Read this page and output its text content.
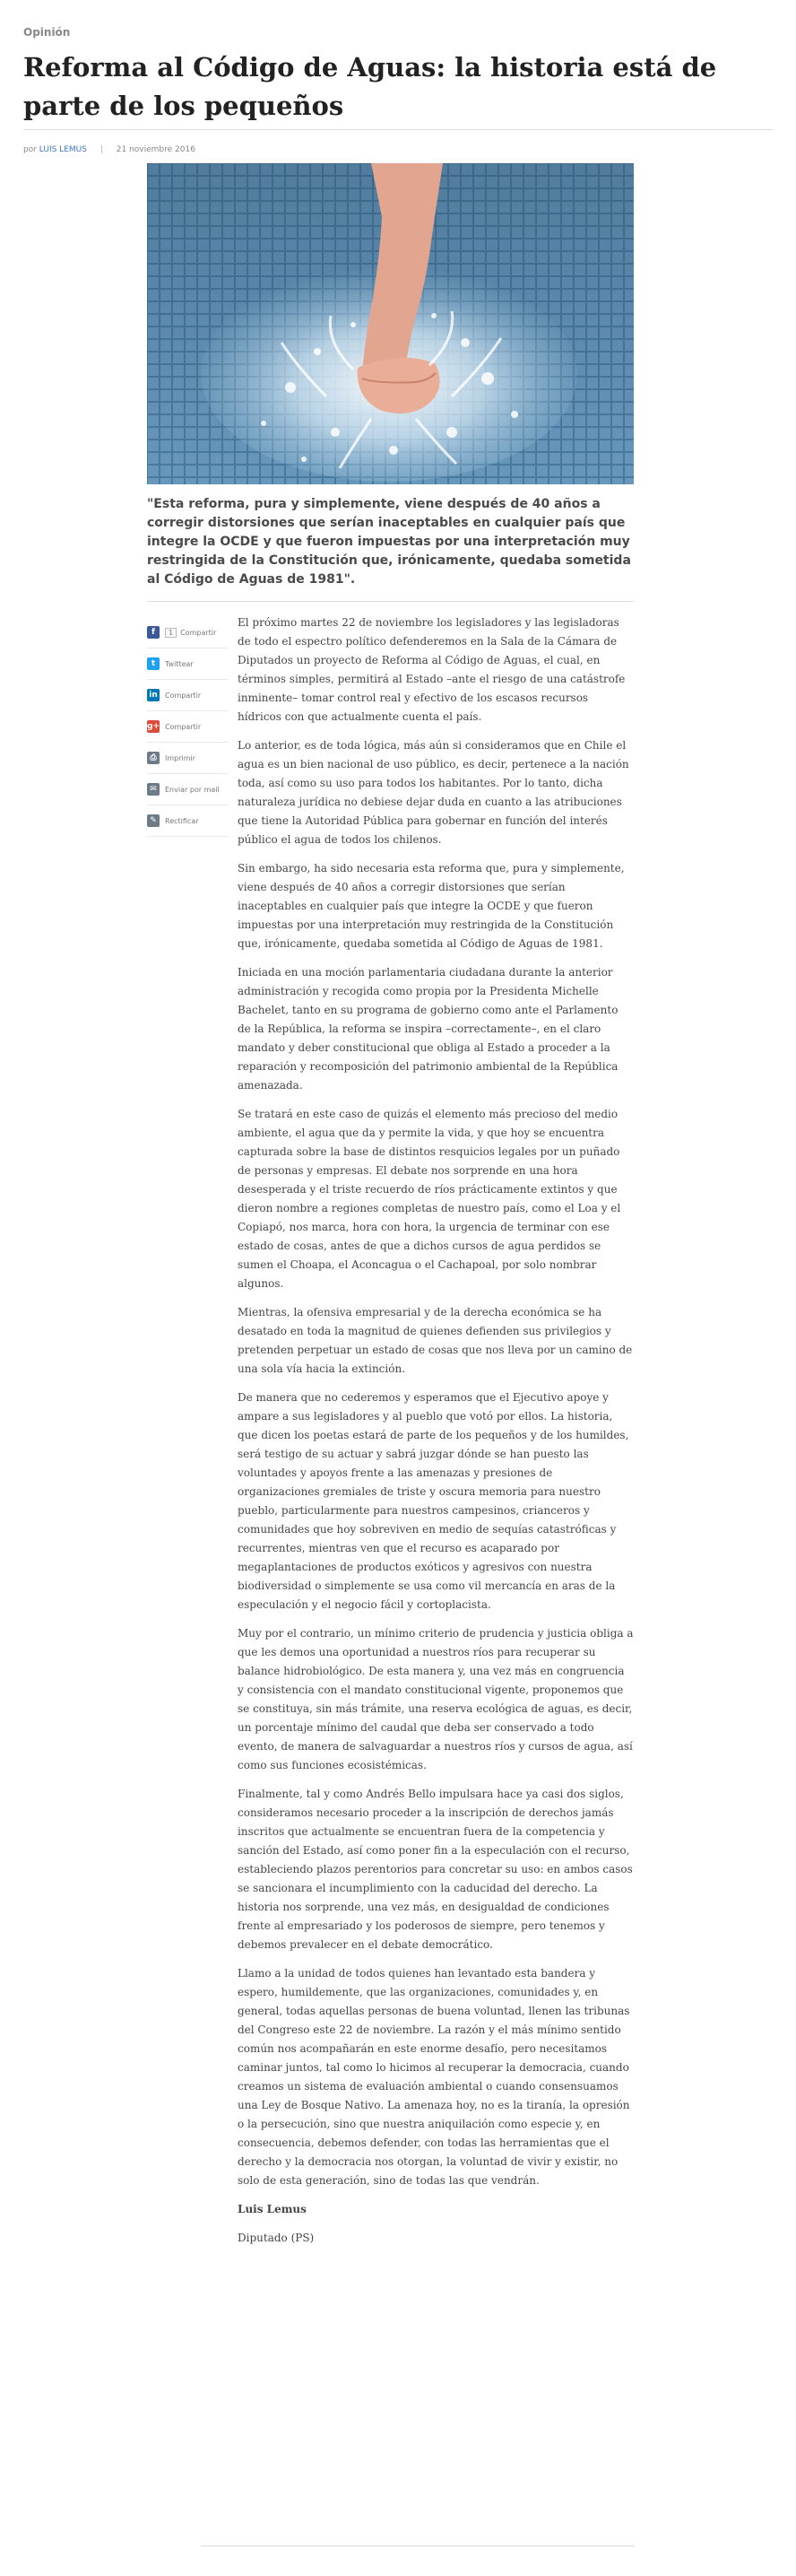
Opinión
Reforma al Código de Aguas: la historia está de parte de los pequeños
por LUIS LEMUS | 21 noviembre 2016

"Esta reforma, pura y simplemente, viene después de 40 años a corregir distorsiones que serían inaceptables en cualquier país que integre la OCDE y que fueron impuestas por una interpretación muy restringida de la Constitución que, irónicamente, quedaba sometida al Código de Aguas de 1981".

f	1	Compartir
t	Twittear
in Compartir
g+ Compartir
⎙	Imprimir
✉	Enviar por mail
✎	Rectificar

El próximo martes 22 de noviembre los legisladores y las legisladoras de todo el espectro político defenderemos en la Sala de la Cámara de Diputados un proyecto de Reforma al Código de Aguas, el cual, en términos simples, permitirá al Estado –ante el riesgo de una catástrofe inminente– tomar control real y efectivo de los escasos recursos hídricos con que actualmente cuenta el país.

Lo anterior, es de toda lógica, más aún si consideramos que en Chile el agua es un bien nacional de uso público, es decir, pertenece a la nación toda, así como su uso para todos los habitantes. Por lo tanto, dicha naturaleza jurídica no debiese dejar duda en cuanto a las atribuciones que tiene la Autoridad Pública para gobernar en función del interés público el agua de todos los chilenos.

Sin embargo, ha sido necesaria esta reforma que, pura y simplemente, viene después de 40 años a corregir distorsiones que serían inaceptables en cualquier país que integre la OCDE y que fueron impuestas por una interpretación muy restringida de la Constitución que, irónicamente, quedaba sometida al Código de Aguas de 1981.

Iniciada en una moción parlamentaria ciudadana durante la anterior administración y recogida como propia por la Presidenta Michelle Bachelet, tanto en su programa de gobierno como ante el Parlamento de la República, la reforma se inspira –correctamente–, en el claro mandato y deber constitucional que obliga al Estado a proceder a la reparación y recomposición del patrimonio ambiental de la República amenazada.

Se tratará en este caso de quizás el elemento más precioso del medio ambiente, el agua que da y permite la vida, y que hoy se encuentra capturada sobre la base de distintos resquicios legales por un puñado de personas y empresas. El debate nos sorprende en una hora desesperada y el triste recuerdo de ríos prácticamente extintos y que dieron nombre a regiones completas de nuestro país, como el Loa y el Copiapó, nos marca, hora con hora, la urgencia de terminar con ese estado de cosas, antes de que a dichos cursos de agua perdidos se sumen el Choapa, el Aconcagua o el Cachapoal, por solo nombrar algunos.

Mientras, la ofensiva empresarial y de la derecha económica se ha desatado en toda la magnitud de quienes defienden sus privilegios y pretenden perpetuar un estado de cosas que nos lleva por un camino de una sola vía hacia la extinción.

De manera que no cederemos y esperamos que el Ejecutivo apoye y ampare a sus legisladores y al pueblo que votó por ellos. La historia, que dicen los poetas estará de parte de los pequeños y de los humildes, será testigo de su actuar y sabrá juzgar dónde se han puesto las voluntades y apoyos frente a las amenazas y presiones de organizaciones gremiales de triste y oscura memoria para nuestro pueblo, particularmente para nuestros campesinos, crianceros y comunidades que hoy sobreviven en medio de sequías catastróficas y recurrentes, mientras ven que el recurso es acaparado por megaplantaciones de productos exóticos y agresivos con nuestra biodiversidad o simplemente se usa como vil mercancía en aras de la especulación y el negocio fácil y cortoplacista.

Muy por el contrario, un mínimo criterio de prudencia y justicia obliga a que les demos una oportunidad a nuestros ríos para recuperar su balance hidrobiológico. De esta manera y, una vez más en congruencia y consistencia con el mandato constitucional vigente, proponemos que se constituya, sin más trámite, una reserva ecológica de aguas, es decir, un porcentaje mínimo del caudal que deba ser conservado a todo evento, de manera de salvaguardar a nuestros ríos y cursos de agua, así como sus funciones ecosistémicas.

Finalmente, tal y como Andrés Bello impulsara hace ya casi dos siglos, consideramos necesario proceder a la inscripción de derechos jamás inscritos que actualmente se encuentran fuera de la competencia y sanción del Estado, así como poner fin a la especulación con el recurso, estableciendo plazos perentorios para concretar su uso: en ambos casos se sancionara el incumplimiento con la caducidad del derecho. La historia nos sorprende, una vez más, en desigualdad de condiciones frente al empresariado y los poderosos de siempre, pero tenemos y debemos prevalecer en el debate democrático.

Llamo a la unidad de todos quienes han levantado esta bandera y espero, humildemente, que las organizaciones, comunidades y, en general, todas aquellas personas de buena voluntad, llenen las tribunas del Congreso este 22 de noviembre. La razón y el más mínimo sentido común nos acompañarán en este enorme desafío, pero necesitamos caminar juntos, tal como lo hicimos al recuperar la democracia, cuando creamos un sistema de evaluación ambiental o cuando consensuamos una Ley de Bosque Nativo. La amenaza hoy, no es la tiranía, la opresión o la persecución, sino que nuestra aniquilación como especie y, en consecuencia, debemos defender, con todas las herramientas que el derecho y la democracia nos otorgan, la voluntad de vivir y existir, no solo de esta generación, sino de todas las que vendrán.

Luis Lemus

Diputado (PS)
